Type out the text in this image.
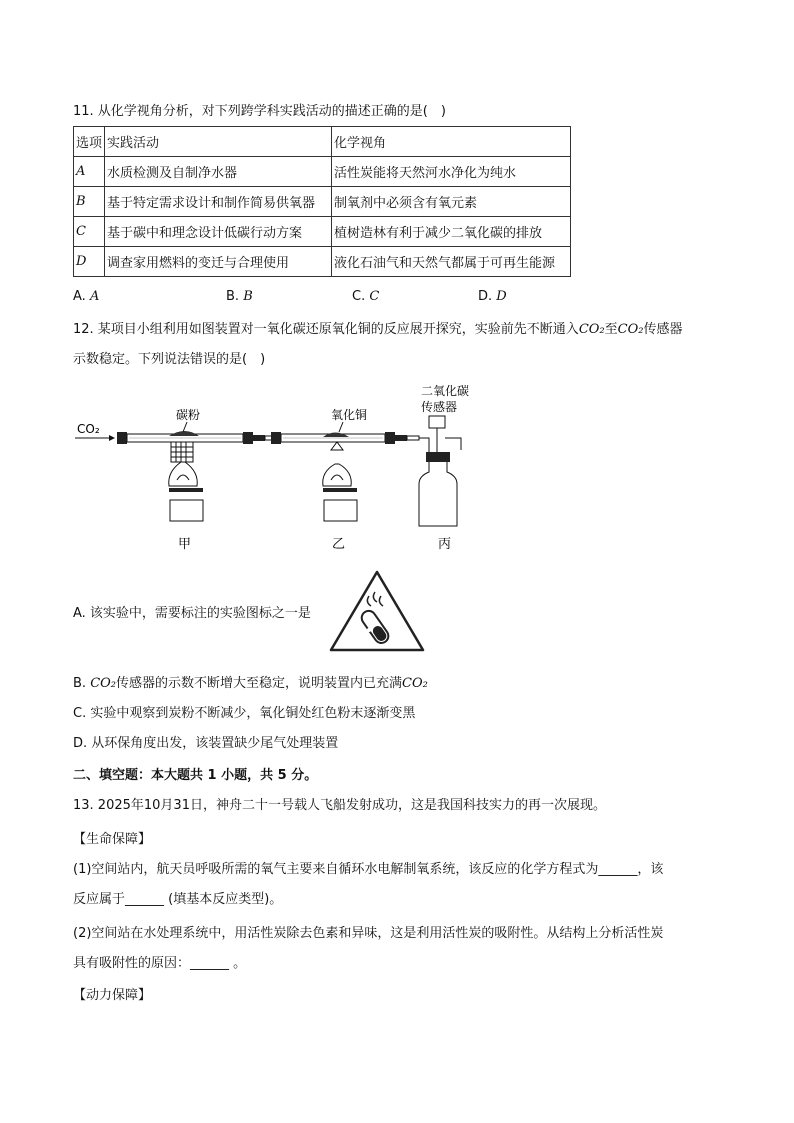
11. 从化学视角分析，对下列跨学科实践活动的描述正确的是(　)
选项	实践活动	化学视角
A	水质检测及自制净水器	活性炭能将天然河水净化为纯水
B	基于特定需求设计和制作简易供氧器	制氧剂中必须含有氧元素
C	基于碳中和理念设计低碳行动方案	植树造林有利于减少二氧化碳的排放
D	调查家用燃料的变迁与合理使用	液化石油气和天然气都属于可再生能源
A. A	B. B	C. C	D. D
12. 某项目小组利用如图装置对一氧化碳还原氧化铜的反应展开探究，实验前先不断通入CO₂至CO₂传感器
示数稳定。下列说法错误的是(　)
CO₂
碳粉
甲
氧化铜
乙
二氧化碳
传感器
丙
A. 该实验中，需要标注的实验图标之一是
B. CO₂传感器的示数不断增大至稳定，说明装置内已充满CO₂
C. 实验中观察到炭粉不断减少，氧化铜处红色粉末逐渐变黑
D. 从环保角度出发，该装置缺少尾气处理装置
二、填空题：本大题共 1 小题，共 5 分。
13. 2025年10月31日，神舟二十一号载人飞船发射成功，这是我国科技实力的再一次展现。
【生命保障】
(1)空间站内，航天员呼吸所需的氧气主要来自循环水电解制氧系统，该反应的化学方程式为______，该
反应属于______ (填基本反应类型)。
(2)空间站在水处理系统中，用活性炭除去色素和异味，这是利用活性炭的吸附性。从结构上分析活性炭
具有吸附性的原因：______ 。
【动力保障】
